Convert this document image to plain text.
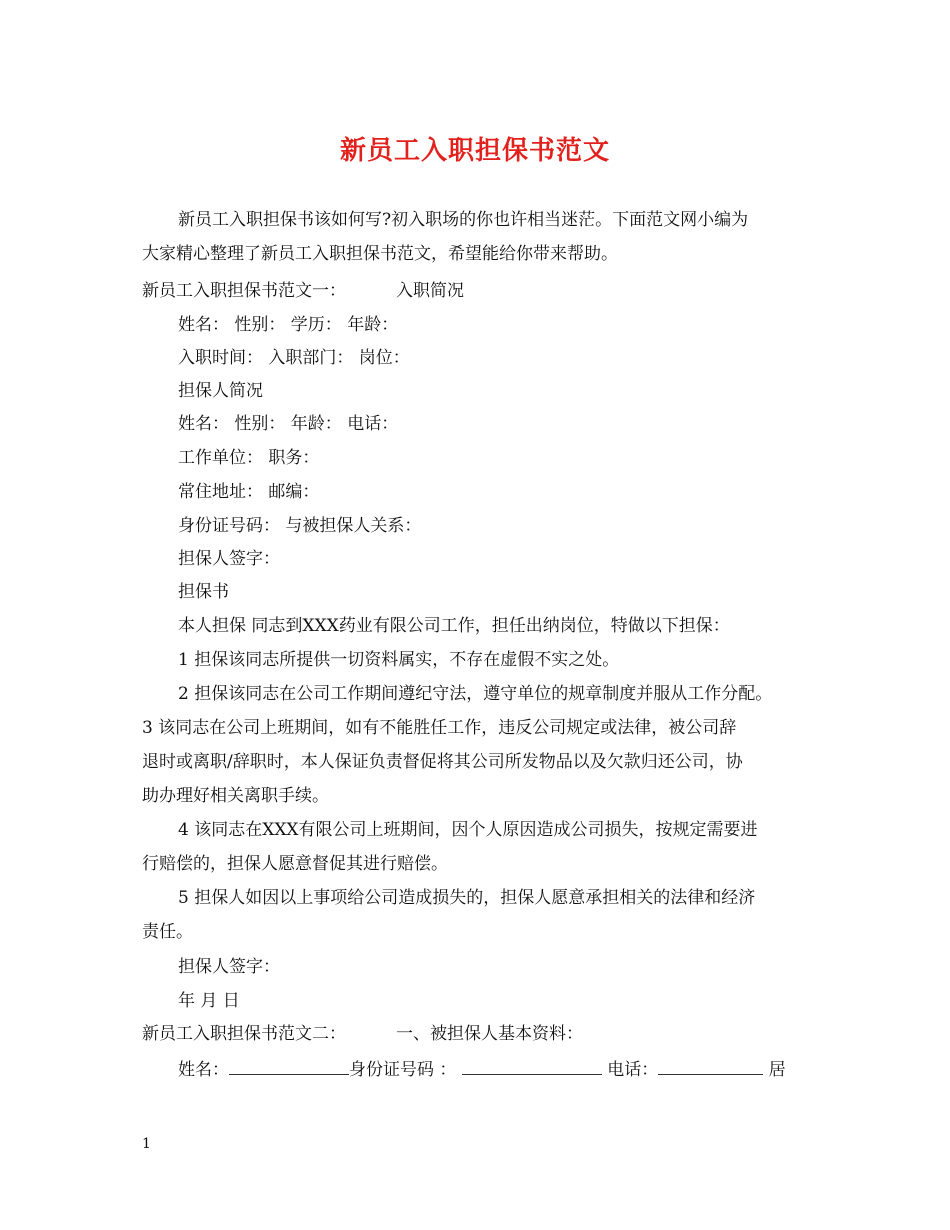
新员工入职担保书范文
新员工入职担保书该如何写?初入职场的你也许相当迷茫。下面范文网小编为
大家精心整理了新员工入职担保书范文，希望能给你带来帮助。
新员工入职担保书范文一：	入职简况
姓名： 性别： 学历： 年龄：
入职时间： 入职部门： 岗位：
担保人简况
姓名： 性别： 年龄： 电话：
工作单位： 职务：
常住地址： 邮编：
身份证号码： 与被担保人关系：
担保人签字：
担保书
本人担保 同志到XXX药业有限公司工作，担任出纳岗位，特做以下担保：
1 担保该同志所提供一切资料属实，不存在虚假不实之处。
2 担保该同志在公司工作期间遵纪守法，遵守单位的规章制度并服从工作分配。
3 该同志在公司上班期间，如有不能胜任工作，违反公司规定或法律，被公司辞
退时或离职/辞职时，本人保证负责督促将其公司所发物品以及欠款归还公司，协
助办理好相关离职手续。
4 该同志在XXX有限公司上班期间，因个人原因造成公司损失，按规定需要进
行赔偿的，担保人愿意督促其进行赔偿。
5 担保人如因以上事项给公司造成损失的，担保人愿意承担相关的法律和经济
责任。
担保人签字：
年 月 日
新员工入职担保书范文二：	一、被担保人基本资料：
姓名：	身份证号码 ：	电话：	居
1
